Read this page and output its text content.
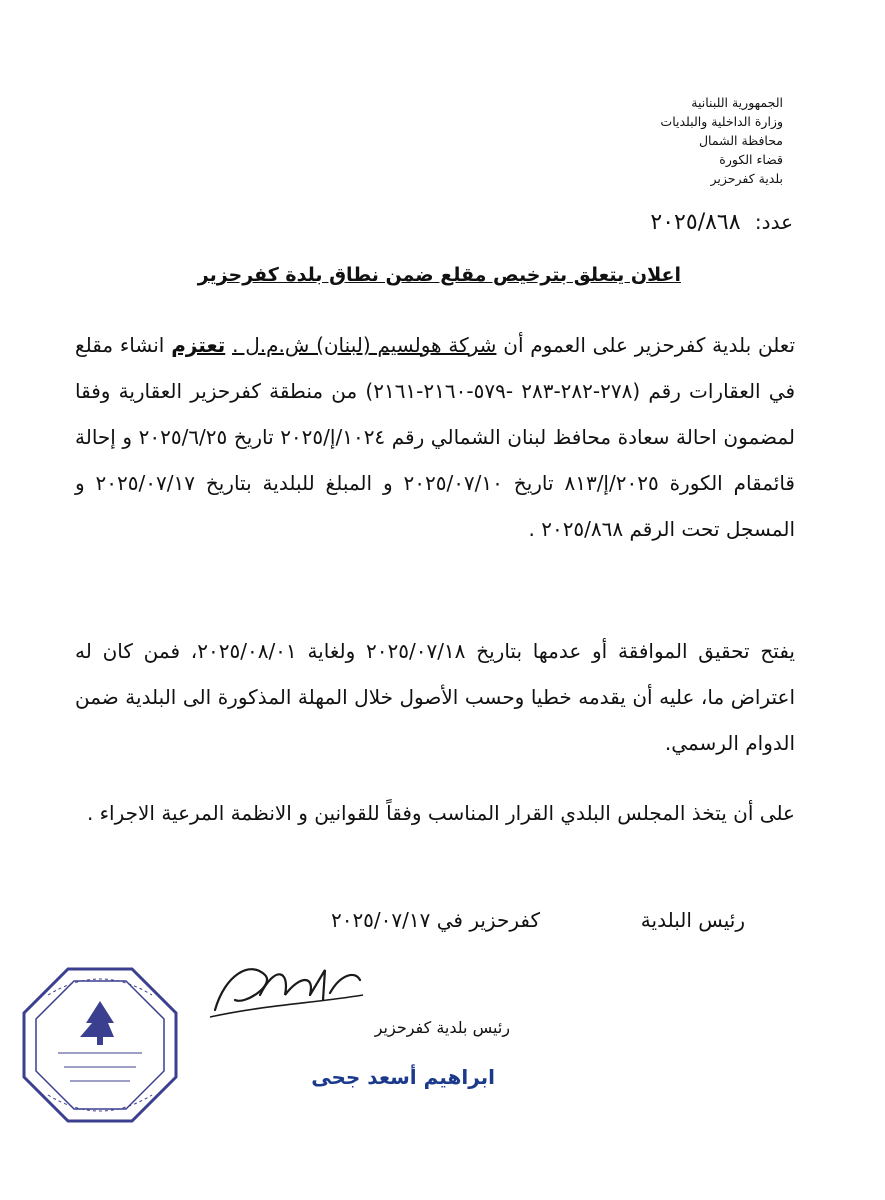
الجمهورية اللبنانية
وزارة الداخلية والبلديات
محافظة الشمال
قضاء الكورة
بلدية كفرحزير
عدد: ٢٠٢٥/٨٦٨
اعلان يتعلق بترخيص مقلع ضمن نطاق بلدة كفرحزير

تعلن بلدية كفرحزير على العموم أن شركة هولسيم (لبنان) ش.م.ل . تعتزم انشاء مقلع في العقارات رقم (٢٧٨-٢٨٢-٢٨٣ -٥٧٩-٢١٦٠-٢١٦١) من منطقة كفرحزير العقارية وفقا لمضمون احالة سعادة محافظ لبنان الشمالي رقم ١٠٢٤/إ/٢٠٢٥ تاريخ ٢٠٢٥/٦/٢٥ و إحالة قائمقام الكورة ٢٠٢٥/إ/٨١٣ تاريخ ٢٠٢٥/٠٧/١٠ و المبلغ للبلدية بتاريخ ٢٠٢٥/٠٧/١٧ و المسجل تحت الرقم ٢٠٢٥/٨٦٨ .

يفتح تحقيق الموافقة أو عدمها بتاريخ ٢٠٢٥/٠٧/١٨ ولغاية ٢٠٢٥/٠٨/٠١، فمن كان له اعتراض ما، عليه أن يقدمه خطيا وحسب الأصول خلال المهلة المذكورة الى البلدية ضمن الدوام الرسمي.

على أن يتخذ المجلس البلدي القرار المناسب وفقاً للقوانين و الانظمة المرعية الاجراء .

كفرحزير في ٢٠٢٥/٠٧/١٧	رئيس البلدية
رئيس بلدية كفرحزير
ابراهيم أسعد جحى
